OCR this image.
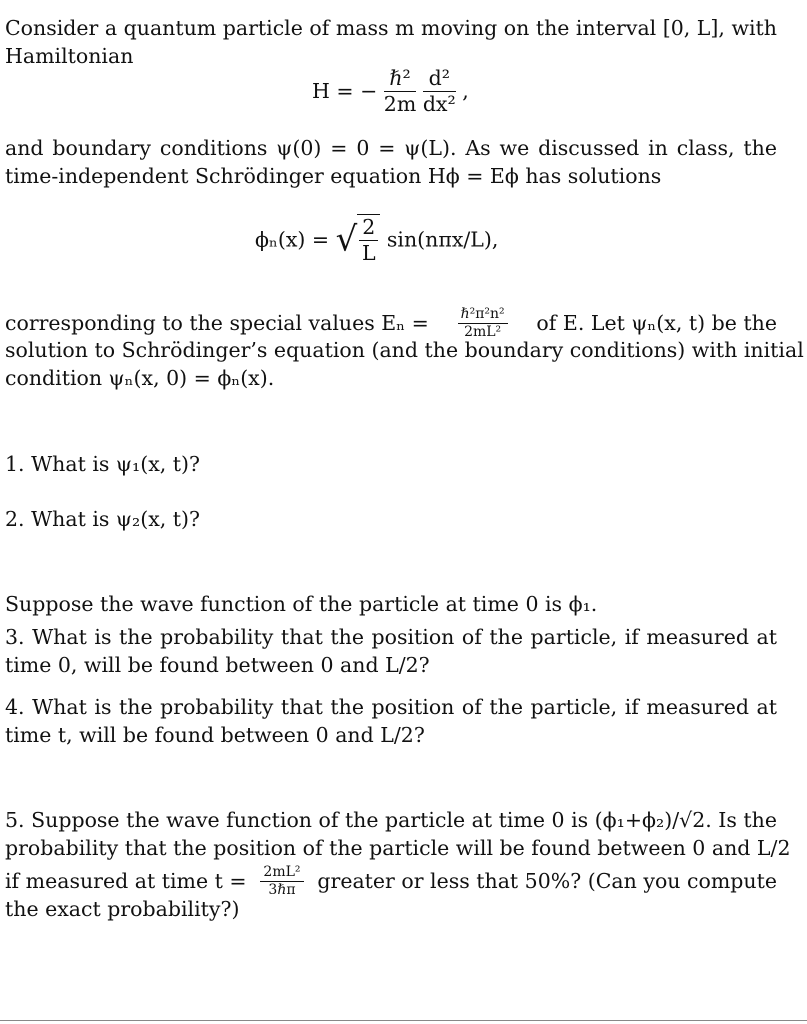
Consider a quantum particle of mass m moving on the interval [0, L], with
Hamiltonian
H = − $\frac{\text{ℏ²}}{2m}$
$\frac{\text{d²}}{\text{dx²}}$ ,
and boundary conditions ψ(0) = 0 = ψ(L). As we discussed in class, the
time-independent Schrödinger equation Hϕ = Eϕ has solutions
ϕₙ(x) = √ $\frac{2}{L} \sin(n\pi x/L)$,
corresponding to the special values $E_n = \frac{\text{ℏ²π²n²}}{\text{2mL²}}$ of E. Let ψₙ(x, t) be the
solution to Schrödinger’s equation (and the boundary conditions) with initial
condition ψₙ(x, 0) = ϕₙ(x).
1. What is ψ₁(x, t)?
2. What is ψ₂(x, t)?
Suppose the wave function of the particle at time 0 is ϕ₁.
3. What is the probability that the position of the particle, if measured at
time 0, will be found between 0 and L/2?
4. What is the probability that the position of the particle, if measured at
time t, will be found between 0 and L/2?
5. Suppose the wave function of the particle at time 0 is (ϕ₁+ϕ₂)/√2. Is the
probability that the position of the particle will be found between 0 and L/2
if measured at time $t = \frac{\text{2mL²}}{\text{3ℏπ}}$ greater or less that 50%? (Can you compute
the exact probability?)
